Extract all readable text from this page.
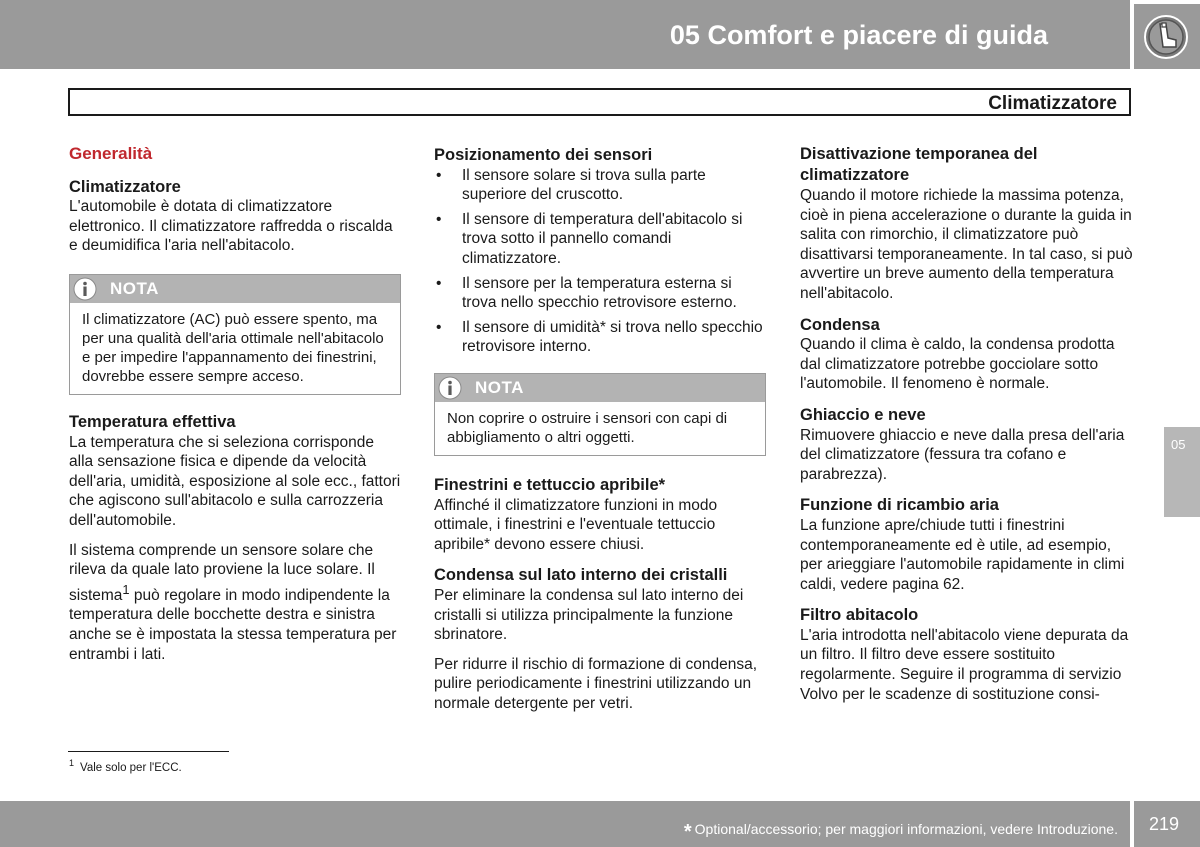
05 Comfort e piacere di guida
Climatizzatore
Generalità
Climatizzatore
L'automobile è dotata di climatizzatore elettronico. Il climatizzatore raffredda o riscalda e deumidifica l'aria nell'abitacolo.
NOTA
Il climatizzatore (AC) può essere spento, ma per una qualità dell'aria ottimale nell'abitacolo e per impedire l'appannamento dei finestrini, dovrebbe essere sempre acceso.
Temperatura effettiva
La temperatura che si seleziona corrisponde alla sensazione fisica e dipende da velocità dell'aria, umidità, esposizione al sole ecc., fattori che agiscono sull'abitacolo e sulla carrozzeria dell'automobile.
Il sistema comprende un sensore solare che rileva da quale lato proviene la luce solare. Il sistema$^1$ può regolare in modo indipendente la temperatura delle bocchette destra e sinistra anche se è impostata la stessa temperatura per entrambi i lati.
Posizionamento dei sensori
• Il sensore solare si trova sulla parte superiore del cruscotto.
• Il sensore di temperatura dell'abitacolo si trova sotto il pannello comandi climatizzatore.
• Il sensore per la temperatura esterna si trova nello specchio retrovisore esterno.
• Il sensore di umidità* si trova nello specchio retrovisore interno.
NOTA
Non coprire o ostruire i sensori con capi di abbigliamento o altri oggetti.
Finestrini e tettuccio apribile*
Affinché il climatizzatore funzioni in modo ottimale, i finestrini e l'eventuale tettuccio apribile* devono essere chiusi.
Condensa sul lato interno dei cristalli
Per eliminare la condensa sul lato interno dei cristalli si utilizza principalmente la funzione sbrinatore.
Per ridurre il rischio di formazione di condensa, pulire periodicamente i finestrini utilizzando un normale detergente per vetri.
Disattivazione temporanea del climatizzatore
Quando il motore richiede la massima potenza, cioè in piena accelerazione o durante la guida in salita con rimorchio, il climatizzatore può disattivarsi temporaneamente. In tal caso, si può avvertire un breve aumento della temperatura nell'abitacolo.
Condensa
Quando il clima è caldo, la condensa prodotta dal climatizzatore potrebbe gocciolare sotto l'automobile. Il fenomeno è normale.
Ghiaccio e neve
Rimuovere ghiaccio e neve dalla presa dell'aria del climatizzatore (fessura tra cofano e parabrezza).
Funzione di ricambio aria
La funzione apre/chiude tutti i finestrini contemporaneamente ed è utile, ad esempio, per arieggiare l'automobile rapidamente in climi caldi, vedere pagina 62.
Filtro abitacolo
L'aria introdotta nell'abitacolo viene depurata da un filtro. Il filtro deve essere sostituito regolarmente. Seguire il programma di servizio Volvo per le scadenze di sostituzione consi-
$^1$ Vale solo per l'ECC.
05
* Optional/accessorio; per maggiori informazioni, vedere Introduzione. 219
